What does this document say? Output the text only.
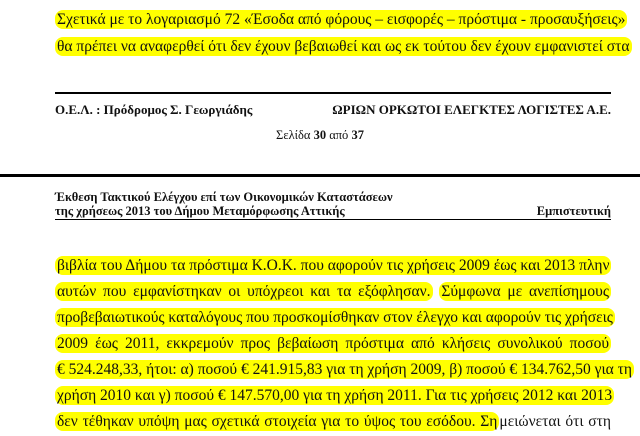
Σχετικά με το λογαριασμό 72 «Έσοδα από φόρους – εισφορές – πρόστιμα - προσαυξήσεις»
θα πρέπει να αναφερθεί ότι δεν έχουν βεβαιωθεί και ως εκ τούτου δεν έχουν εμφανιστεί στα
Ο.Ε.Λ. : Πρόδρομος Σ. Γεωργιάδης	ΩΡΙΩΝ ΟΡΚΩΤΟΙ ΕΛΕΓΚΤΕΣ ΛΟΓΙΣΤΕΣ Α.Ε.
Σελίδα 30 από 37
Έκθεση Τακτικού Ελέγχου επί των Οικονομικών Καταστάσεων
της χρήσεως 2013 του Δήμου Μεταμόρφωσης Αττικής	Εμπιστευτική
βιβλία του Δήμου τα πρόστιμα Κ.Ο.Κ. που αφορούν τις χρήσεις 2009 έως και 2013 πλην
αυτών που εμφανίστηκαν οι υπόχρεοι και τα εξόφλησαν. Σύμφωνα με ανεπίσημους
προβεβαιωτικούς καταλόγους που προσκομίσθηκαν στον έλεγχο και αφορούν τις χρήσεις
2009 έως 2011, εκκρεμούν προς βεβαίωση πρόστιμα από κλήσεις συνολικού ποσού
€ 524.248,33, ήτοι: α) ποσού € 241.915,83 για τη χρήση 2009, β) ποσού € 134.762,50 για τη
χρήση 2010 και γ) ποσού € 147.570,00 για τη χρήση 2011. Για τις χρήσεις 2012 και 2013
δεν τέθηκαν υπόψη μας σχετικά στοιχεία για το ύψος του εσόδου. Ση μειώνεται ότι στη
